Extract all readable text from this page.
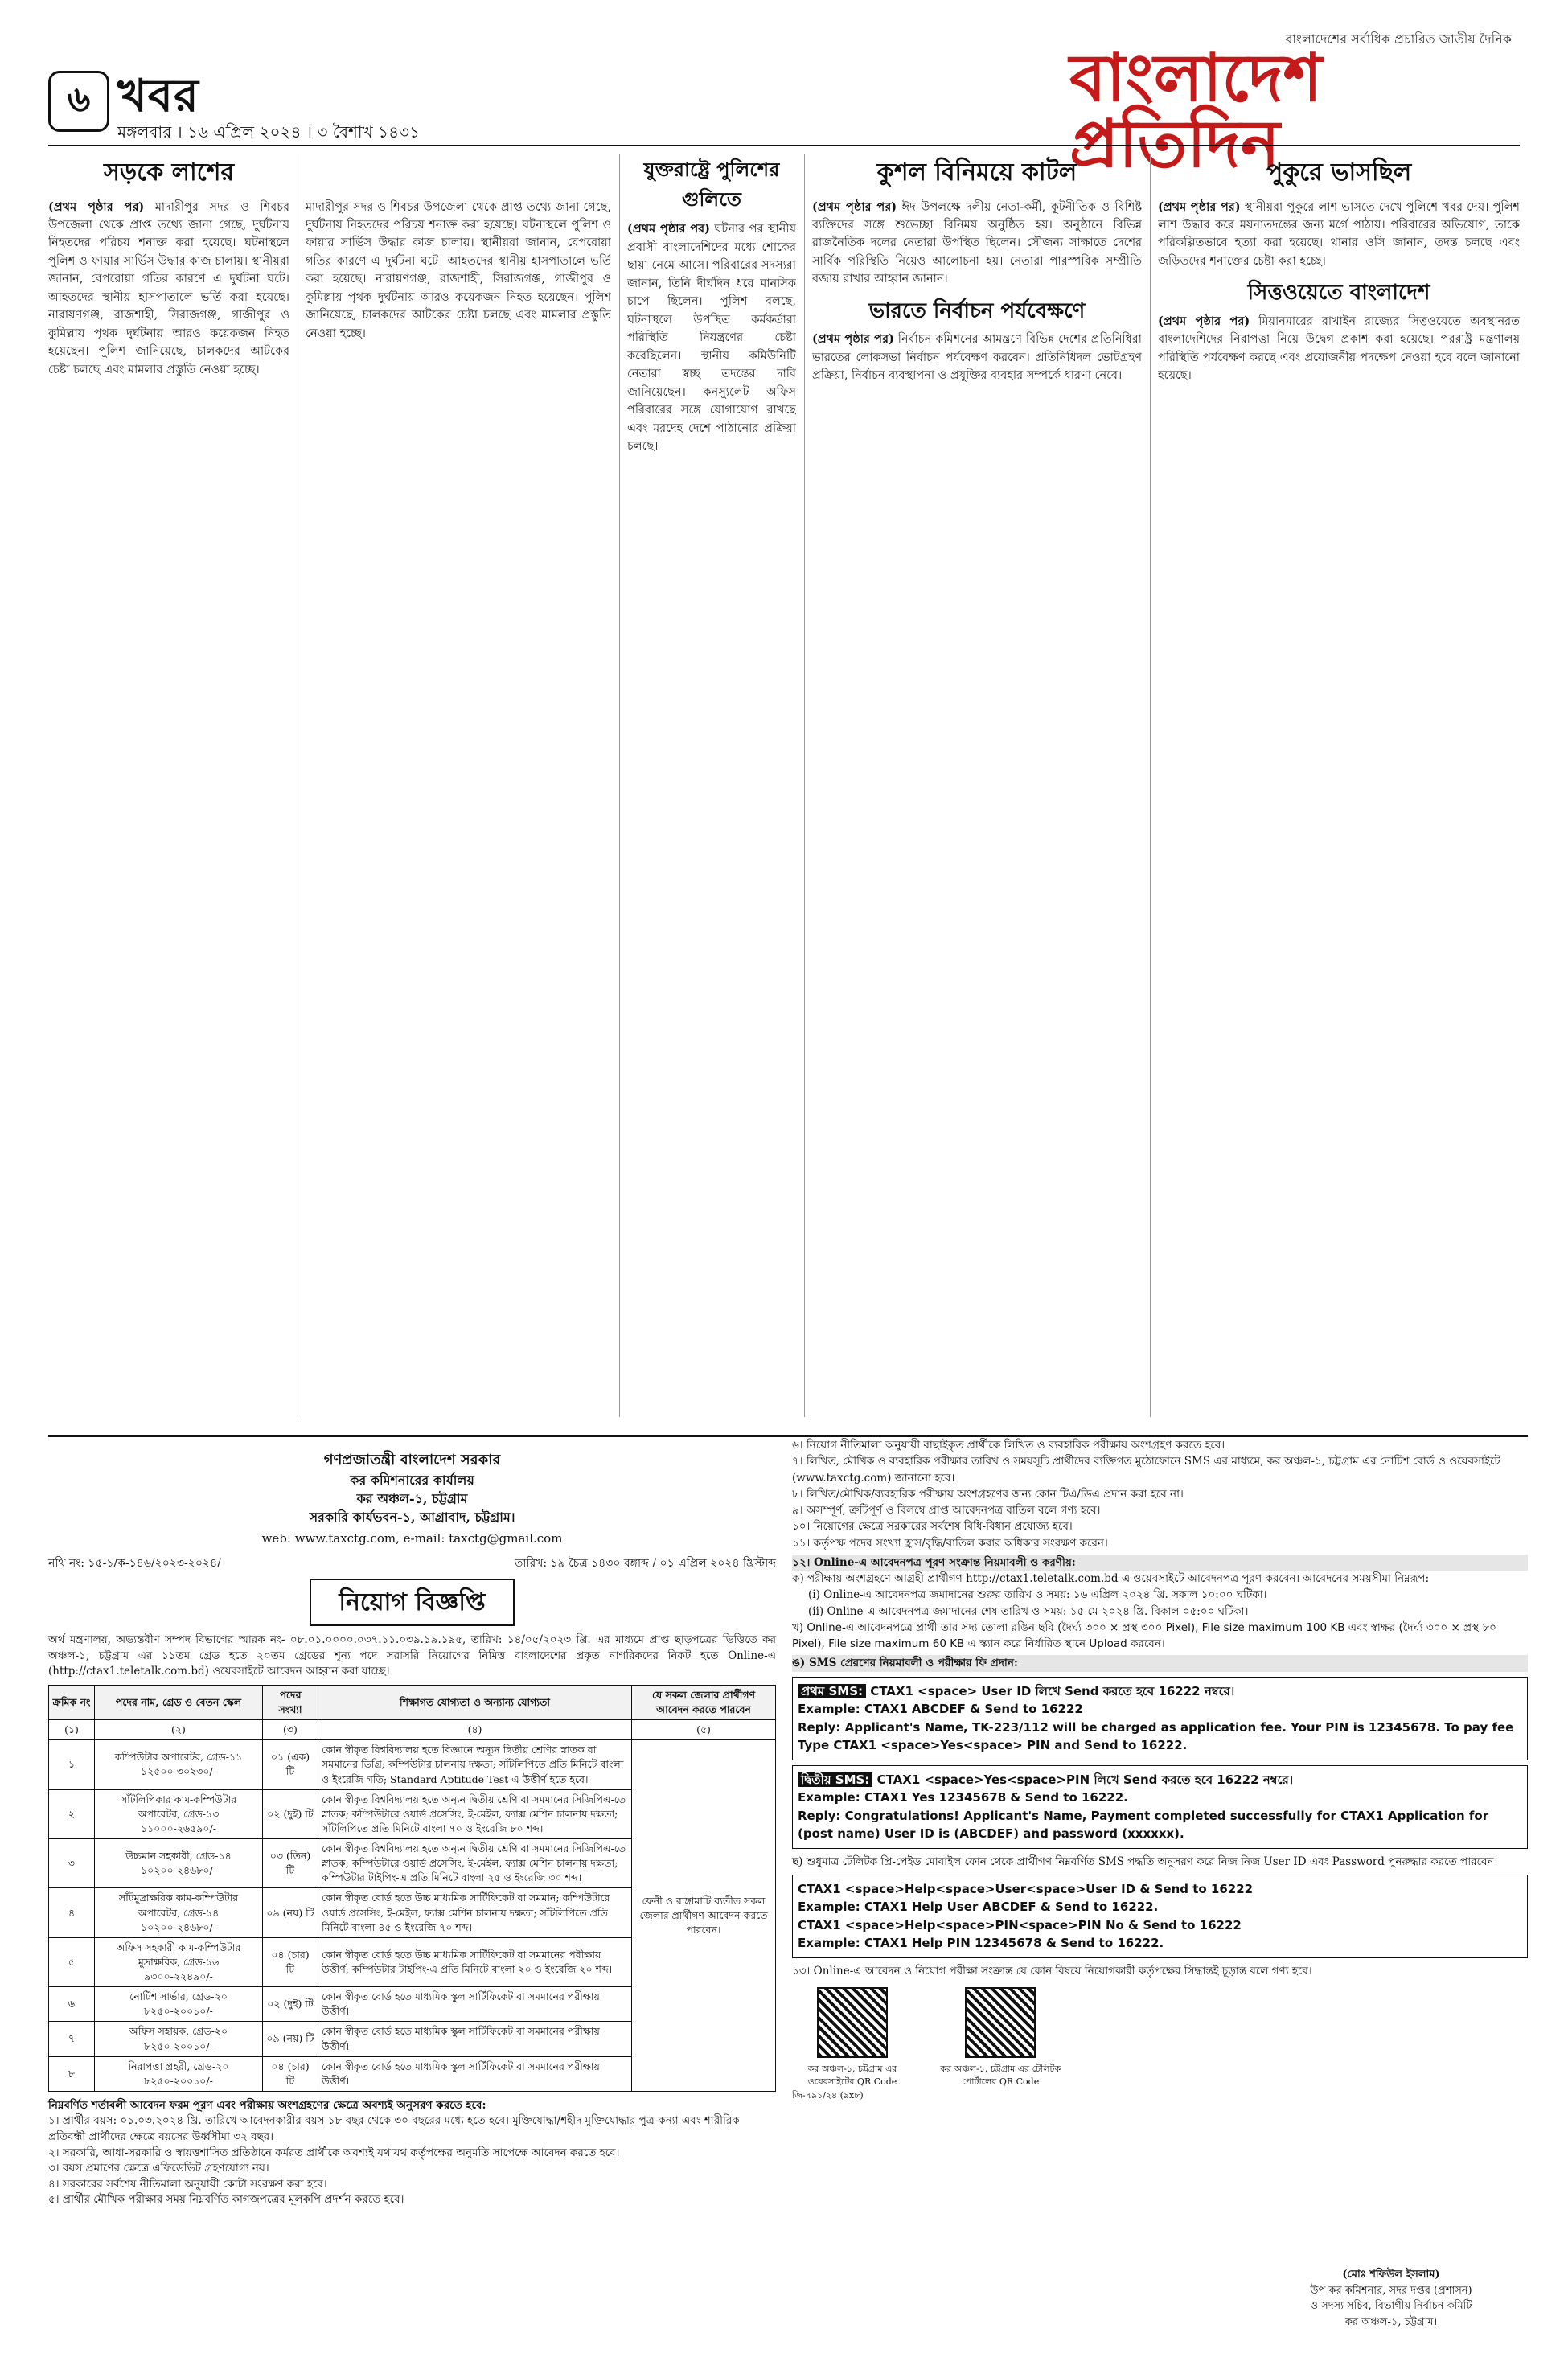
৬ খবর
মঙ্গলবার । ১৬ এপ্রিল ২০২৪ । ৩ বৈশাখ ১৪৩১
বাংলাদেশের সর্বাধিক প্রচারিত জাতীয় দৈনিক
বাংলাদেশ প্রতিদিন
সড়কে লাশের
(প্রথম পৃষ্ঠার পর) মাদারীপুর সদর ও শিবচর উপজেলা থেকে প্রাপ্ত তথ্যে জানা গেছে, দুর্ঘটনায় নিহতদের পরিচয় শনাক্ত করা হয়েছে। ঘটনাস্থলে পুলিশ ও ফায়ার সার্ভিস উদ্ধার কাজ চালায়। স্থানীয়রা জানান, বেপরোয়া গতির কারণে এ দুর্ঘটনা ঘটে। আহতদের স্থানীয় হাসপাতালে ভর্তি করা হয়েছে। নারায়ণগঞ্জ, রাজশাহী, সিরাজগঞ্জ, গাজীপুর ও কুমিল্লায় পৃথক দুর্ঘটনায় আরও কয়েকজন নিহত হয়েছেন। পুলিশ জানিয়েছে, চালকদের আটকের চেষ্টা চলছে এবং মামলার প্রস্তুতি নেওয়া হচ্ছে।

মাদারীপুর সদর ও শিবচর উপজেলা থেকে প্রাপ্ত তথ্যে জানা গেছে, দুর্ঘটনায় নিহতদের পরিচয় শনাক্ত করা হয়েছে। ঘটনাস্থলে পুলিশ ও ফায়ার সার্ভিস উদ্ধার কাজ চালায়। স্থানীয়রা জানান, বেপরোয়া গতির কারণে এ দুর্ঘটনা ঘটে। আহতদের স্থানীয় হাসপাতালে ভর্তি করা হয়েছে। নারায়ণগঞ্জ, রাজশাহী, সিরাজগঞ্জ, গাজীপুর ও কুমিল্লায় পৃথক দুর্ঘটনায় আরও কয়েকজন নিহত হয়েছেন। পুলিশ জানিয়েছে, চালকদের আটকের চেষ্টা চলছে এবং মামলার প্রস্তুতি নেওয়া হচ্ছে।
যুক্তরাষ্ট্রে পুলিশের গুলিতে
(প্রথম পৃষ্ঠার পর) ঘটনার পর স্থানীয় প্রবাসী বাংলাদেশিদের মধ্যে শোকের ছায়া নেমে আসে। পরিবারের সদস্যরা জানান, তিনি দীর্ঘদিন ধরে মানসিক চাপে ছিলেন। পুলিশ বলছে, ঘটনাস্থলে উপস্থিত কর্মকর্তারা পরিস্থিতি নিয়ন্ত্রণের চেষ্টা করেছিলেন। স্থানীয় কমিউনিটি নেতারা স্বচ্ছ তদন্তের দাবি জানিয়েছেন। কনস্যুলেট অফিস পরিবারের সঙ্গে যোগাযোগ রাখছে এবং মরদেহ দেশে পাঠানোর প্রক্রিয়া চলছে।
কুশল বিনিময়ে কাটল
(প্রথম পৃষ্ঠার পর) ঈদ উপলক্ষে দলীয় নেতা-কর্মী, কূটনীতিক ও বিশিষ্ট ব্যক্তিদের সঙ্গে শুভেচ্ছা বিনিময় অনুষ্ঠিত হয়। অনুষ্ঠানে বিভিন্ন রাজনৈতিক দলের নেতারা উপস্থিত ছিলেন। সৌজন্য সাক্ষাতে দেশের সার্বিক পরিস্থিতি নিয়েও আলোচনা হয়। নেতারা পারস্পরিক সম্প্রীতি বজায় রাখার আহ্বান জানান।
ভারতে নির্বাচন পর্যবেক্ষণে
(প্রথম পৃষ্ঠার পর) নির্বাচন কমিশনের আমন্ত্রণে বিভিন্ন দেশের প্রতিনিধিরা ভারতের লোকসভা নির্বাচন পর্যবেক্ষণ করবেন। প্রতিনিধিদল ভোটগ্রহণ প্রক্রিয়া, নির্বাচন ব্যবস্থাপনা ও প্রযুক্তির ব্যবহার সম্পর্কে ধারণা নেবে।
পুকুরে ভাসছিল
(প্রথম পৃষ্ঠার পর) স্থানীয়রা পুকুরে লাশ ভাসতে দেখে পুলিশে খবর দেয়। পুলিশ লাশ উদ্ধার করে ময়নাতদন্তের জন্য মর্গে পাঠায়। পরিবারের অভিযোগ, তাকে পরিকল্পিতভাবে হত্যা করা হয়েছে। থানার ওসি জানান, তদন্ত চলছে এবং জড়িতদের শনাক্তের চেষ্টা করা হচ্ছে।
সিত্তওয়েতে বাংলাদেশ
(প্রথম পৃষ্ঠার পর) মিয়ানমারের রাখাইন রাজ্যের সিত্তওয়েতে অবস্থানরত বাংলাদেশিদের নিরাপত্তা নিয়ে উদ্বেগ প্রকাশ করা হয়েছে। পররাষ্ট্র মন্ত্রণালয় পরিস্থিতি পর্যবেক্ষণ করছে এবং প্রয়োজনীয় পদক্ষেপ নেওয়া হবে বলে জানানো হয়েছে।
গণপ্রজাতন্ত্রী বাংলাদেশ সরকার
কর কমিশনারের কার্যালয়
কর অঞ্চল-১, চট্টগ্রাম
সরকারি কার্যভবন-১, আগ্রাবাদ, চট্টগ্রাম।
web: www.taxctg.com, e-mail: taxctg@gmail.com
নথি নং: ১৫-১/ক-১৪৬/২০২৩-২০২৪/	তারিখ: ১৯ চৈত্র ১৪৩০ বঙ্গাব্দ / ০১ এপ্রিল ২০২৪ খ্রিস্টাব্দ
নিয়োগ বিজ্ঞপ্তি
অর্থ মন্ত্রণালয়, অভ্যন্তরীণ সম্পদ বিভাগের স্মারক নং- ০৮.০১.০০০০.০৩৭.১১.০৩৯.১৯.১৯৫, তারিখ: ১৪/০৫/২০২৩ খ্রি. এর মাধ্যমে প্রাপ্ত ছাড়পত্রের ভিত্তিতে কর অঞ্চল-১, চট্টগ্রাম এর ১১তম গ্রেড হতে ২০তম গ্রেডের শূন্য পদে সরাসরি নিয়োগের নিমিত্ত বাংলাদেশের প্রকৃত নাগরিকদের নিকট হতে Online-এ (http://ctax1.teletalk.com.bd) ওয়েবসাইটে আবেদন আহ্বান করা যাচ্ছে।
ক্রমিক নং	পদের নাম, গ্রেড ও বেতন স্কেল	পদের সংখ্যা	শিক্ষাগত যোগ্যতা ও অন্যান্য যোগ্যতা	যে সকল জেলার প্রার্থীগণ আবেদন করতে পারবেন
(১)	(২)	(৩)	(৪)	(৫)
১	কম্পিউটার অপারেটর, গ্রেড-১১
১২৫০০-৩০২৩০/-	০১ (এক) টি	কোন স্বীকৃত বিশ্ববিদ্যালয় হতে বিজ্ঞানে অন্যূন দ্বিতীয় শ্রেণির স্নাতক বা সমমানের ডিগ্রি; কম্পিউটার চালনায় দক্ষতা; সাঁটলিপিতে প্রতি মিনিটে বাংলা ও ইংরেজি গতি; Standard Aptitude Test এ উত্তীর্ণ হতে হবে।	ফেনী ও রাঙ্গামাটি ব্যতীত সকল জেলার প্রার্থীগণ আবেদন করতে পারবেন।
২	সাঁটলিপিকার কাম-কম্পিউটার অপারেটর, গ্রেড-১৩
১১০০০-২৬৫৯০/-	০২ (দুই) টি	কোন স্বীকৃত বিশ্ববিদ্যালয় হতে অন্যূন দ্বিতীয় শ্রেণি বা সমমানের সিজিপিএ-তে স্নাতক; কম্পিউটারে ওয়ার্ড প্রসেসিং, ই-মেইল, ফ্যাক্স মেশিন চালনায় দক্ষতা; সাঁটলিপিতে প্রতি মিনিটে বাংলা ৭০ ও ইংরেজি ৮০ শব্দ।	
৩	উচ্চমান সহকারী, গ্রেড-১৪
১০২০০-২৪৬৮০/-	০৩ (তিন) টি	কোন স্বীকৃত বিশ্ববিদ্যালয় হতে অন্যূন দ্বিতীয় শ্রেণি বা সমমানের সিজিপিএ-তে স্নাতক; কম্পিউটারে ওয়ার্ড প্রসেসিং, ই-মেইল, ফ্যাক্স মেশিন চালনায় দক্ষতা; কম্পিউটার টাইপিং-এ প্রতি মিনিটে বাংলা ২৫ ও ইংরেজি ৩০ শব্দ।	
৪	সাঁটমুদ্রাক্ষরিক কাম-কম্পিউটার অপারেটর, গ্রেড-১৪
১০২০০-২৪৬৮০/-	০৯ (নয়) টি	কোন স্বীকৃত বোর্ড হতে উচ্চ মাধ্যমিক সার্টিফিকেট বা সমমান; কম্পিউটারে ওয়ার্ড প্রসেসিং, ই-মেইল, ফ্যাক্স মেশিন চালনায় দক্ষতা; সাঁটলিপিতে প্রতি মিনিটে বাংলা ৪৫ ও ইংরেজি ৭০ শব্দ।	
৫	অফিস সহকারী কাম-কম্পিউটার মুদ্রাক্ষরিক, গ্রেড-১৬
৯৩০০-২২৪৯০/-	০৪ (চার) টি	কোন স্বীকৃত বোর্ড হতে উচ্চ মাধ্যমিক সার্টিফিকেট বা সমমানের পরীক্ষায় উত্তীর্ণ; কম্পিউটার টাইপিং-এ প্রতি মিনিটে বাংলা ২০ ও ইংরেজি ২০ শব্দ।	
৬	নোটিশ সার্ভার, গ্রেড-২০
৮২৫০-২০০১০/-	০২ (দুই) টি	কোন স্বীকৃত বোর্ড হতে মাধ্যমিক স্কুল সার্টিফিকেট বা সমমানের পরীক্ষায় উত্তীর্ণ।	
৭	অফিস সহায়ক, গ্রেড-২০
৮২৫০-২০০১০/-	০৯ (নয়) টি	কোন স্বীকৃত বোর্ড হতে মাধ্যমিক স্কুল সার্টিফিকেট বা সমমানের পরীক্ষায় উত্তীর্ণ।	
৮	নিরাপত্তা প্রহরী, গ্রেড-২০
৮২৫০-২০০১০/-	০৪ (চার) টি	কোন স্বীকৃত বোর্ড হতে মাধ্যমিক স্কুল সার্টিফিকেট বা সমমানের পরীক্ষায় উত্তীর্ণ।	
নিম্নবর্ণিত শর্তাবলী আবেদন ফরম পূরণ এবং পরীক্ষায় অংশগ্রহণের ক্ষেত্রে অবশ্যই অনুসরণ করতে হবে:
১। প্রার্থীর বয়স: ০১.০৩.২০২৪ খ্রি. তারিখে আবেদনকারীর বয়স ১৮ বছর থেকে ৩০ বছরের মধ্যে হতে হবে। মুক্তিযোদ্ধা/শহীদ মুক্তিযোদ্ধার পুত্র-কন্যা এবং শারীরিক প্রতিবন্ধী প্রার্থীদের ক্ষেত্রে বয়সের উর্ধ্বসীমা ৩২ বছর।
২। সরকারি, আধা-সরকারি ও স্বায়ত্তশাসিত প্রতিষ্ঠানে কর্মরত প্রার্থীকে অবশ্যই যথাযথ কর্তৃপক্ষের অনুমতি সাপেক্ষে আবেদন করতে হবে।
৩। বয়স প্রমাণের ক্ষেত্রে এফিডেভিট গ্রহণযোগ্য নয়।
৪। সরকারের সর্বশেষ নীতিমালা অনুযায়ী কোটা সংরক্ষণ করা হবে।
৫। প্রার্থীর মৌখিক পরীক্ষার সময় নিম্নবর্ণিত কাগজপত্রের মূলকপি প্রদর্শন করতে হবে।
৬। নিয়োগ নীতিমালা অনুযায়ী বাছাইকৃত প্রার্থীকে লিখিত ও ব্যবহারিক পরীক্ষায় অংশগ্রহণ করতে হবে।
৭। লিখিত, মৌখিক ও ব্যবহারিক পরীক্ষার তারিখ ও সময়সূচি প্রার্থীদের ব্যক্তিগত মুঠোফোনে SMS এর মাধ্যমে, কর অঞ্চল-১, চট্টগ্রাম এর নোটিশ বোর্ড ও ওয়েবসাইটে (www.taxctg.com) জানানো হবে।
৮। লিখিত/মৌখিক/ব্যবহারিক পরীক্ষায় অংশগ্রহণের জন্য কোন টিএ/ডিএ প্রদান করা হবে না।
৯। অসম্পূর্ণ, ত্রুটিপূর্ণ ও বিলম্বে প্রাপ্ত আবেদনপত্র বাতিল বলে গণ্য হবে।
১০। নিয়োগের ক্ষেত্রে সরকারের সর্বশেষ বিধি-বিধান প্রযোজ্য হবে।
১১। কর্তৃপক্ষ পদের সংখ্যা হ্রাস/বৃদ্ধি/বাতিল করার অধিকার সংরক্ষণ করেন।
১২। Online-এ আবেদনপত্র পূরণ সংক্রান্ত নিয়মাবলী ও করণীয়:
ক) পরীক্ষায় অংশগ্রহণে আগ্রহী প্রার্থীগণ http://ctax1.teletalk.com.bd এ ওয়েবসাইটে আবেদনপত্র পূরণ করবেন। আবেদনের সময়সীমা নিম্নরূপ:
(i) Online-এ আবেদনপত্র জমাদানের শুরুর তারিখ ও সময়: ১৬ এপ্রিল ২০২৪ খ্রি. সকাল ১০:০০ ঘটিকা।
(ii) Online-এ আবেদনপত্র জমাদানের শেষ তারিখ ও সময়: ১৫ মে ২০২৪ খ্রি. বিকাল ০৫:০০ ঘটিকা।
খ) Online-এ আবেদনপত্রে প্রার্থী তার সদ্য তোলা রঙিন ছবি (দৈর্ঘ্য ৩০০ × প্রস্থ ৩০০ Pixel), File size maximum 100 KB এবং স্বাক্ষর (দৈর্ঘ্য ৩০০ × প্রস্থ ৮০ Pixel), File size maximum 60 KB এ স্ক্যান করে নির্ধারিত স্থানে Upload করবেন।
ঙ) SMS প্রেরণের নিয়মাবলী ও পরীক্ষার ফি প্রদান:
প্রথম SMS: CTAX1 <space> User ID লিখে Send করতে হবে 16222 নম্বরে।
Example: CTAX1 ABCDEF & Send to 16222
Reply: Applicant's Name, TK-223/112 will be charged as application fee. Your PIN is 12345678. To pay fee Type CTAX1 <space>Yes<space> PIN and Send to 16222.
দ্বিতীয় SMS: CTAX1 <space>Yes<space>PIN লিখে Send করতে হবে 16222 নম্বরে।
Example: CTAX1 Yes 12345678 & Send to 16222.
Reply: Congratulations! Applicant's Name, Payment completed successfully for CTAX1 Application for (post name) User ID is (ABCDEF) and password (xxxxxx).
ছ) শুধুমাত্র টেলিটক প্রি-পেইড মোবাইল ফোন থেকে প্রার্থীগণ নিম্নবর্ণিত SMS পদ্ধতি অনুসরণ করে নিজ নিজ User ID এবং Password পুনরুদ্ধার করতে পারবেন।
CTAX1 <space>Help<space>User<space>User ID & Send to 16222
Example: CTAX1 Help User ABCDEF & Send to 16222.
CTAX1 <space>Help<space>PIN<space>PIN No & Send to 16222
Example: CTAX1 Help PIN 12345678 & Send to 16222.
১৩। Online-এ আবেদন ও নিয়োগ পরীক্ষা সংক্রান্ত যে কোন বিষয়ে নিয়োগকারী কর্তৃপক্ষের সিদ্ধান্তই চূড়ান্ত বলে গণ্য হবে।
কর অঞ্চল-১, চট্টগ্রাম এর ওয়েবসাইটের QR Code

কর অঞ্চল-১, চট্টগ্রাম এর টেলিটক পোর্টালের QR Code
জি-৭৯১/২৪ (৯x৮)
(মোঃ শফিউল ইসলাম)
উপ কর কমিশনার, সদর দপ্তর (প্রশাসন)
ও সদস্য সচিব, বিভাগীয় নির্বাচন কমিটি
কর অঞ্চল-১, চট্টগ্রাম।
